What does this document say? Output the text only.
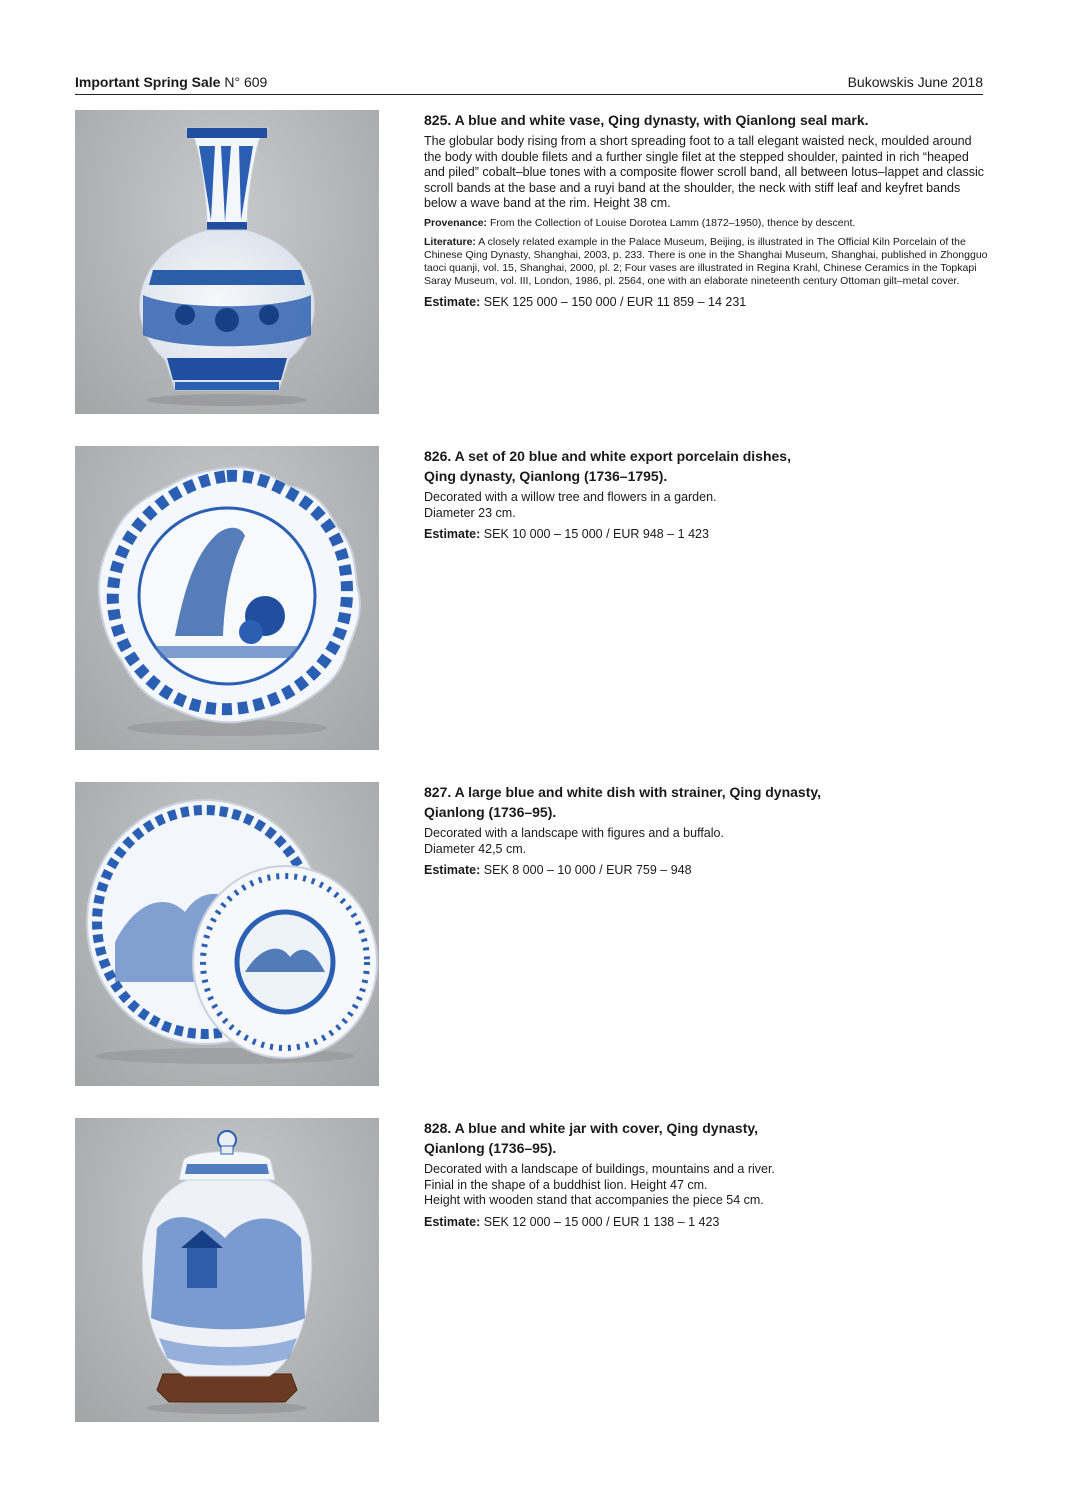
Important Spring Sale N° 609	Bukowskis June 2018

825. A blue and white vase, Qing dynasty, with Qianlong seal mark.

The globular body rising from a short spreading foot to a tall elegant waisted neck, moulded around the body with double filets and a further single filet at the stepped shoulder, painted in rich “heaped and piled” cobalt–blue tones with a composite flower scroll band, all between lotus–lappet and classic scroll bands at the base and a ruyi band at the shoulder, the neck with stiff leaf and keyfret bands below a wave band at the rim. Height 38 cm.

Provenance: From the Collection of Louise Dorotea Lamm (1872–1950), thence by descent.

Literature: A closely related example in the Palace Museum, Beijing, is illustrated in The Official Kiln Porcelain of the Chinese Qing Dynasty, Shanghai, 2003, p. 233. There is one in the Shanghai Museum, Shanghai, published in Zhongguo taoci quanji, vol. 15, Shanghai, 2000, pl. 2; Four vases are illustrated in Regina Krahl, Chinese Ceramics in the Topkapi Saray Museum, vol. III, London, 1986, pl. 2564, one with an elaborate nineteenth century Ottoman gilt–metal cover.

Estimate: SEK 125 000 – 150 000 / EUR 11 859 – 14 231

826. A set of 20 blue and white export porcelain dishes,
Qing dynasty, Qianlong (1736–1795).

Decorated with a willow tree and flowers in a garden.
Diameter 23 cm.

Estimate: SEK 10 000 – 15 000 / EUR 948 – 1 423

827. A large blue and white dish with strainer, Qing dynasty,
Qianlong (1736–95).

Decorated with a landscape with figures and a buffalo.
Diameter 42,5 cm.

Estimate: SEK 8 000 – 10 000 / EUR 759 – 948

828. A blue and white jar with cover, Qing dynasty,
Qianlong (1736–95).

Decorated with a landscape of buildings, mountains and a river.
Finial in the shape of a buddhist lion. Height 47 cm.
Height with wooden stand that accompanies the piece 54 cm.

Estimate: SEK 12 000 – 15 000 / EUR 1 138 – 1 423
